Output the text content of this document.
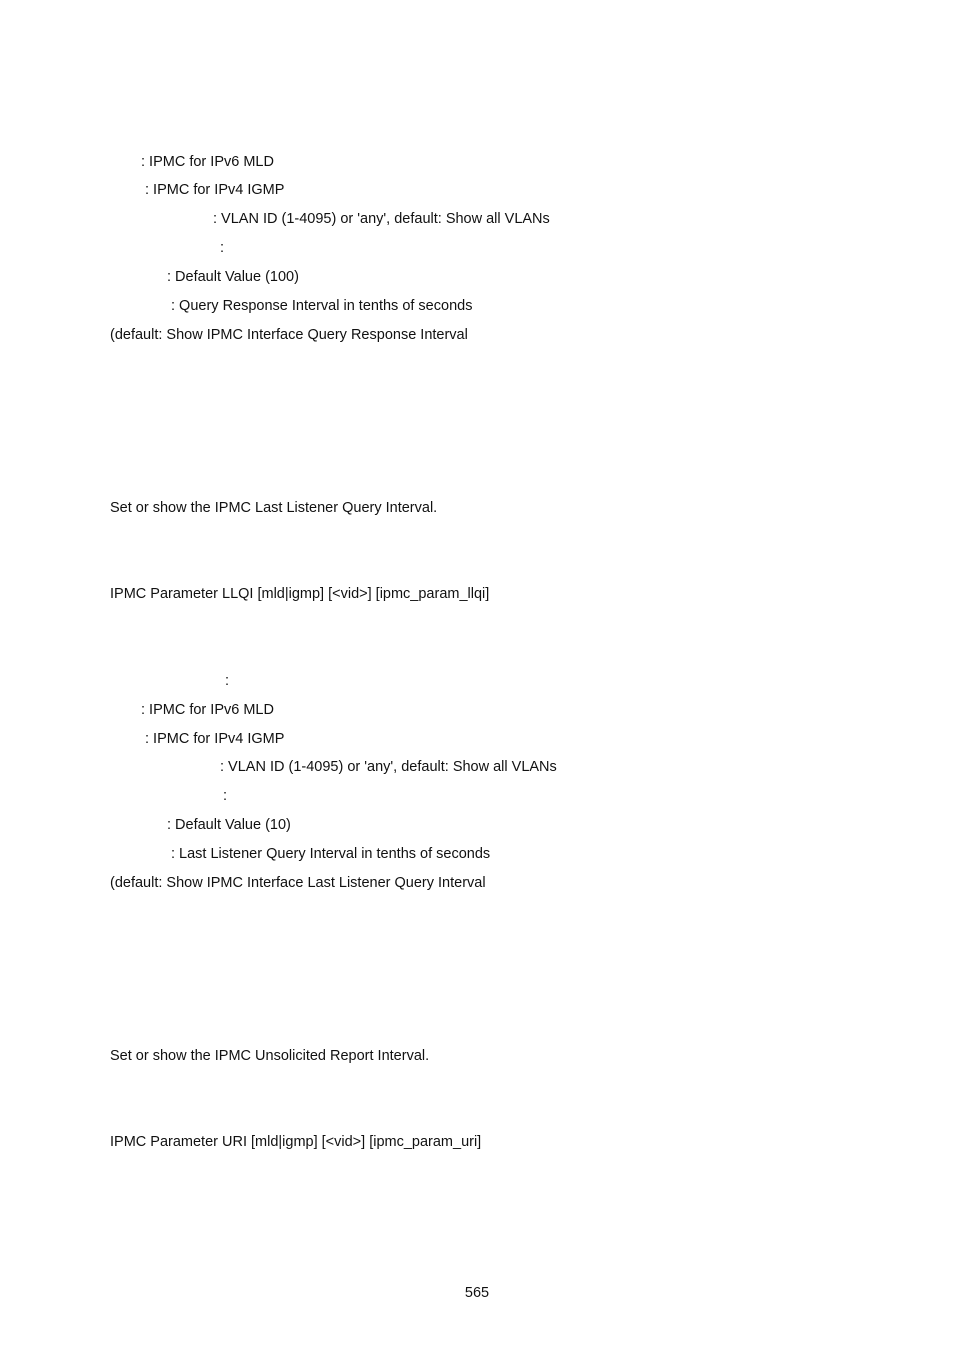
: IPMC for IPv6 MLD
: IPMC for IPv4 IGMP
: VLAN ID (1-4095) or 'any', default: Show all VLANs
:
: Default Value (100)
: Query Response Interval in tenths of seconds
(default: Show IPMC Interface Query Response Interval
Set or show the IPMC Last Listener Query Interval.
IPMC Parameter LLQI [mld|igmp] [<vid>] [ipmc_param_llqi]
:
: IPMC for IPv6 MLD
: IPMC for IPv4 IGMP
: VLAN ID (1-4095) or 'any', default: Show all VLANs
:
: Default Value (10)
: Last Listener Query Interval in tenths of seconds
(default: Show IPMC Interface Last Listener Query Interval
Set or show the IPMC Unsolicited Report Interval.
IPMC Parameter URI [mld|igmp] [<vid>] [ipmc_param_uri]
565
